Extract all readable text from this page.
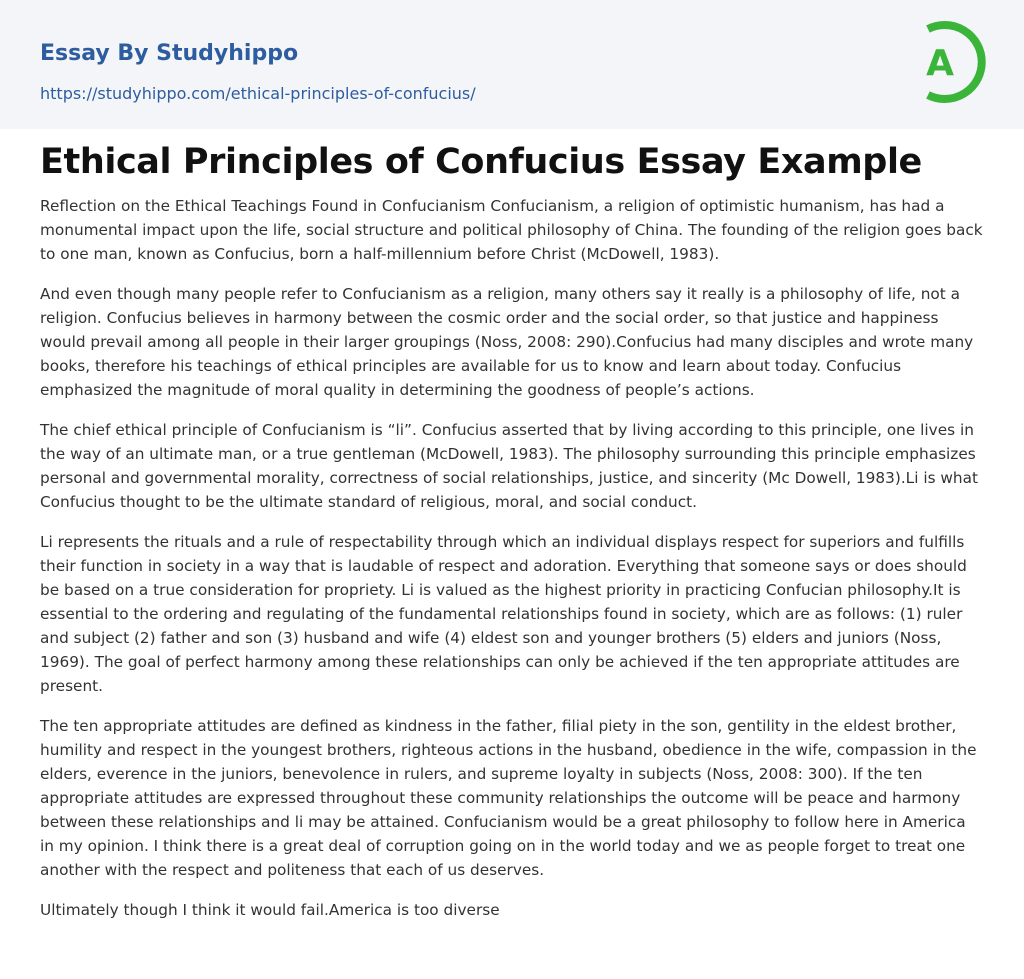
Essay By Studyhippo
https://studyhippo.com/ethical-principles-of-confucius/
A
Ethical Principles of Confucius Essay Example

Reflection on the Ethical Teachings Found in Confucianism Confucianism, a religion of optimistic humanism, has had a monumental impact upon the life, social structure and political philosophy of China. The founding of the religion goes back to one man, known as Confucius, born a half-millennium before Christ (McDowell, 1983).

And even though many people refer to Confucianism as a religion, many others say it really is a philosophy of life, not a religion. Confucius believes in harmony between the cosmic order and the social order, so that justice and happiness would prevail among all people in their larger groupings (Noss, 2008: 290).Confucius had many disciples and wrote many books, therefore his teachings of ethical principles are available for us to know and learn about today. Confucius emphasized the magnitude of moral quality in determining the goodness of people’s actions.

The chief ethical principle of Confucianism is “li”. Confucius asserted that by living according to this principle, one lives in the way of an ultimate man, or a true gentleman (McDowell, 1983). The philosophy surrounding this principle emphasizes personal and governmental morality, correctness of social relationships, justice, and sincerity (Mc Dowell, 1983).Li is what Confucius thought to be the ultimate standard of religious, moral, and social conduct.

Li represents the rituals and a rule of respectability through which an individual displays respect for superiors and fulfills their function in society in a way that is laudable of respect and adoration. Everything that someone says or does should be based on a true consideration for propriety. Li is valued as the highest priority in practicing Confucian philosophy.It is essential to the ordering and regulating of the fundamental relationships found in society, which are as follows: (1) ruler and subject (2) father and son (3) husband and wife (4) eldest son and younger brothers (5) elders and juniors (Noss, 1969). The goal of perfect harmony among these relationships can only be achieved if the ten appropriate attitudes are present.

The ten appropriate attitudes are defined as kindness in the father, filial piety in the son, gentility in the eldest brother, humility and respect in the youngest brothers, righteous actions in the husband, obedience in the wife, compassion in the elders, everence in the juniors, benevolence in rulers, and supreme loyalty in subjects (Noss, 2008: 300). If the ten appropriate attitudes are expressed throughout these community relationships the outcome will be peace and harmony between these relationships and li may be attained. Confucianism would be a great philosophy to follow here in America in my opinion. I think there is a great deal of corruption going on in the world today and we as people forget to treat one another with the respect and politeness that each of us deserves.

Ultimately though I think it would fail.America is too diverse
